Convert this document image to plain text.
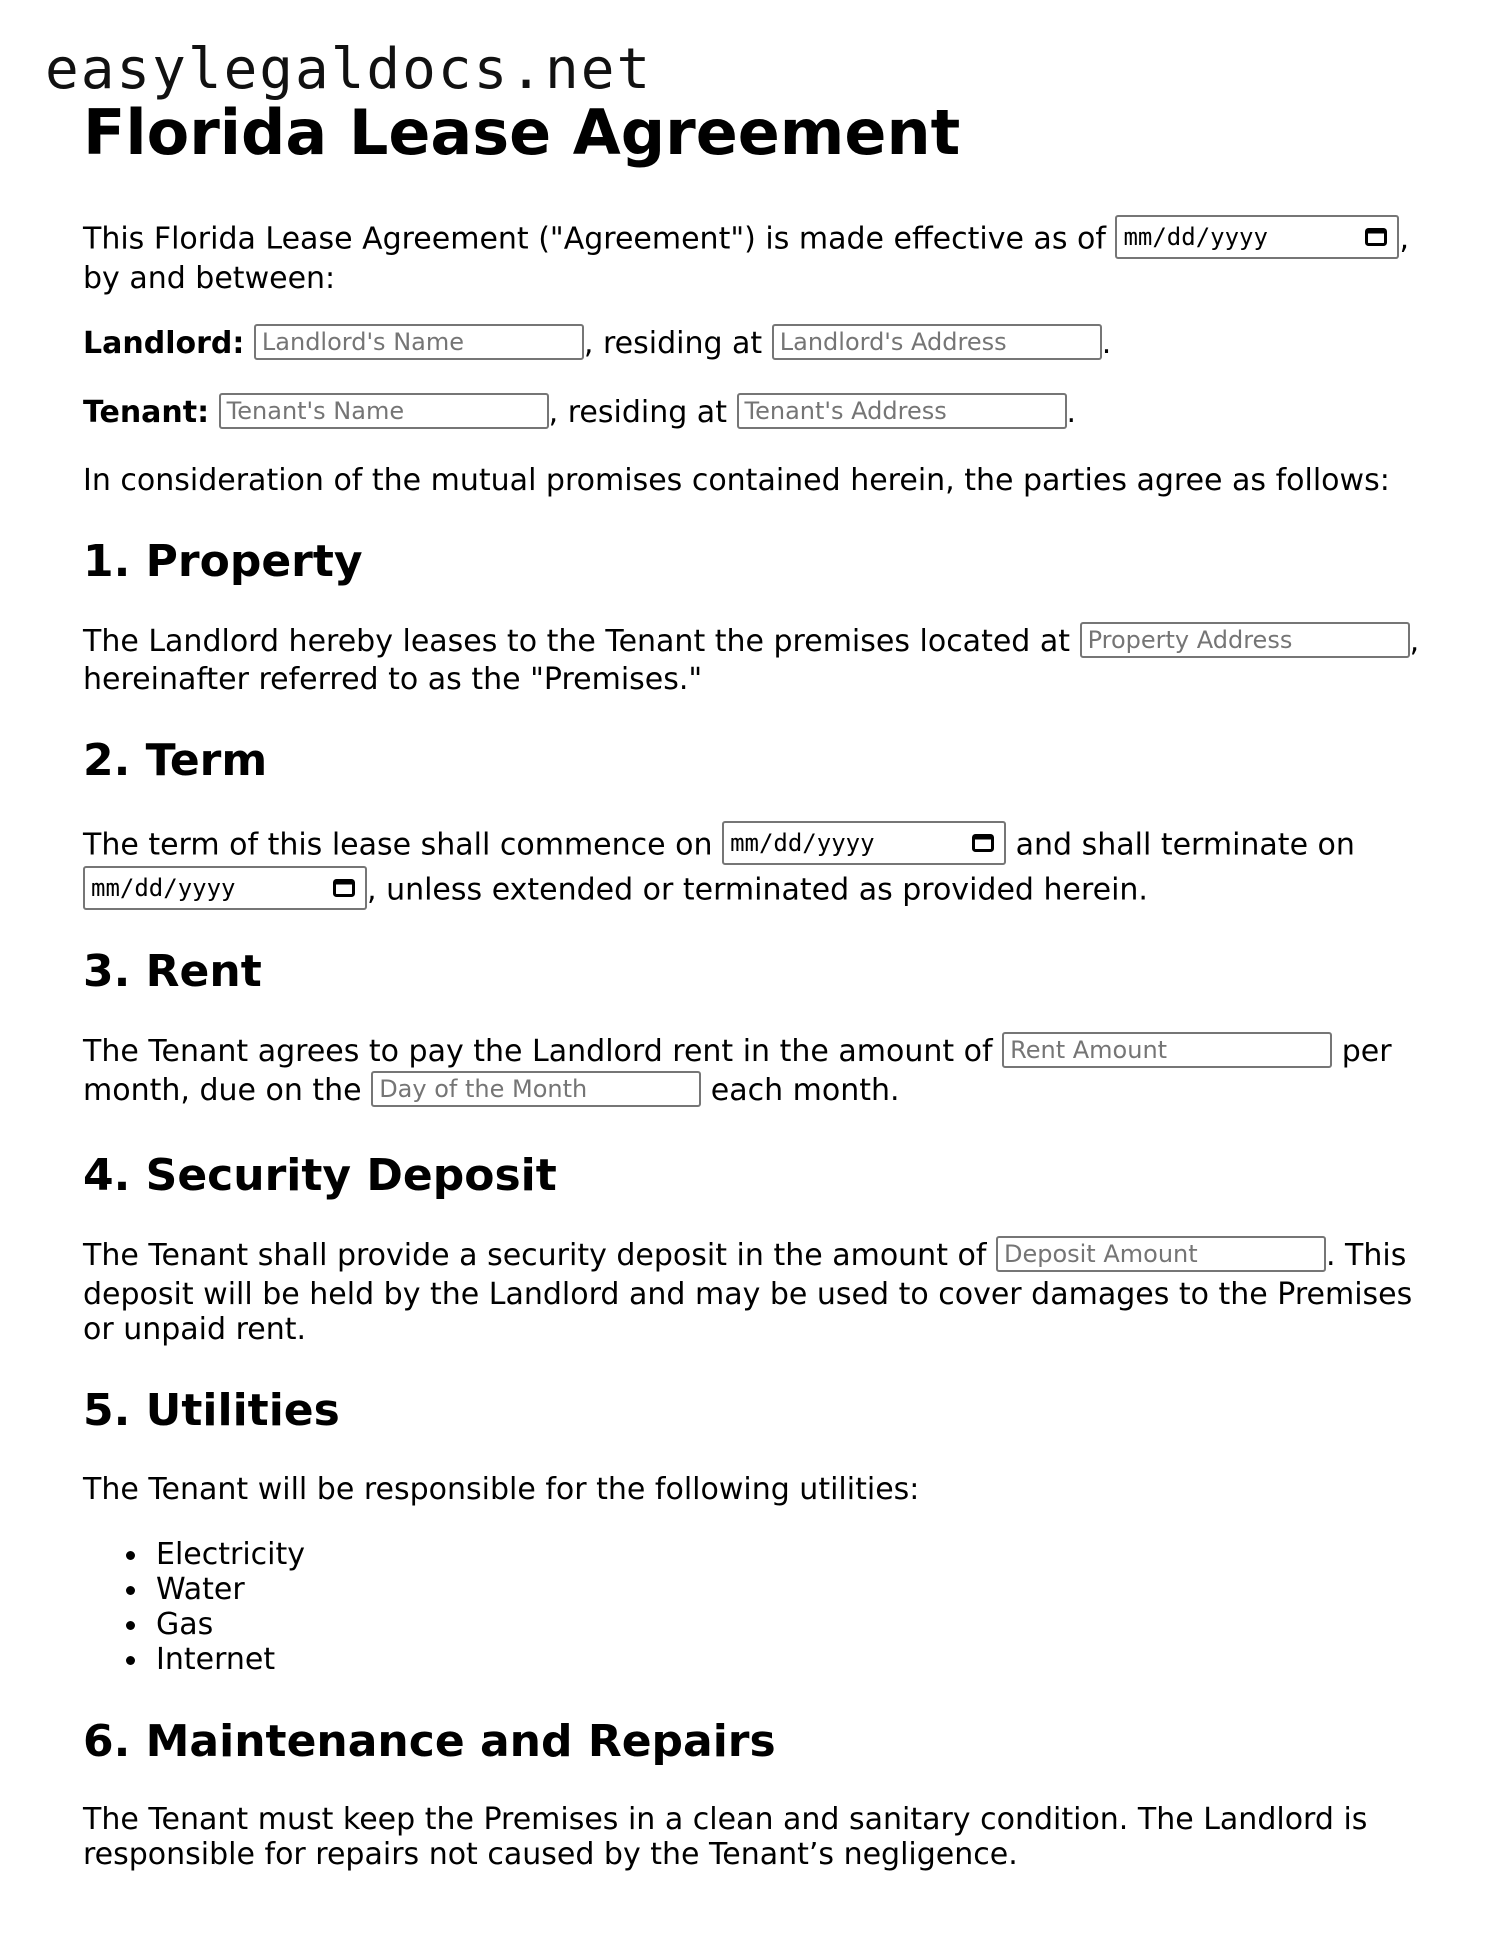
easylegaldocs.net
Florida Lease Agreement
This Florida Lease Agreement ("Agreement") is made effective as of mm/dd/yyyy	,
by and between:
Landlord: Landlord's Name	, residing at Landlord's Address	.
Tenant: Tenant's Name	, residing at Tenant's Address	.
In consideration of the mutual promises contained herein, the parties agree as follows:
1. Property
The Landlord hereby leases to the Tenant the premises located at Property Address	,
hereinafter referred to as the "Premises."
2. Term
The term of this lease shall commence on mm/dd/yyyy	and shall terminate on
mm/dd/yyyy	, unless extended or terminated as provided herein.
3. Rent
The Tenant agrees to pay the Landlord rent in the amount of Rent Amount	per
month, due on the Day of the Month	each month.
4. Security Deposit
The Tenant shall provide a security deposit in the amount of Deposit Amount	. This
deposit will be held by the Landlord and may be used to cover damages to the Premises
or unpaid rent.
5. Utilities
The Tenant will be responsible for the following utilities:
Electricity
Water
Gas
Internet
6. Maintenance and Repairs
The Tenant must keep the Premises in a clean and sanitary condition. The Landlord is
responsible for repairs not caused by the Tenant’s negligence.
